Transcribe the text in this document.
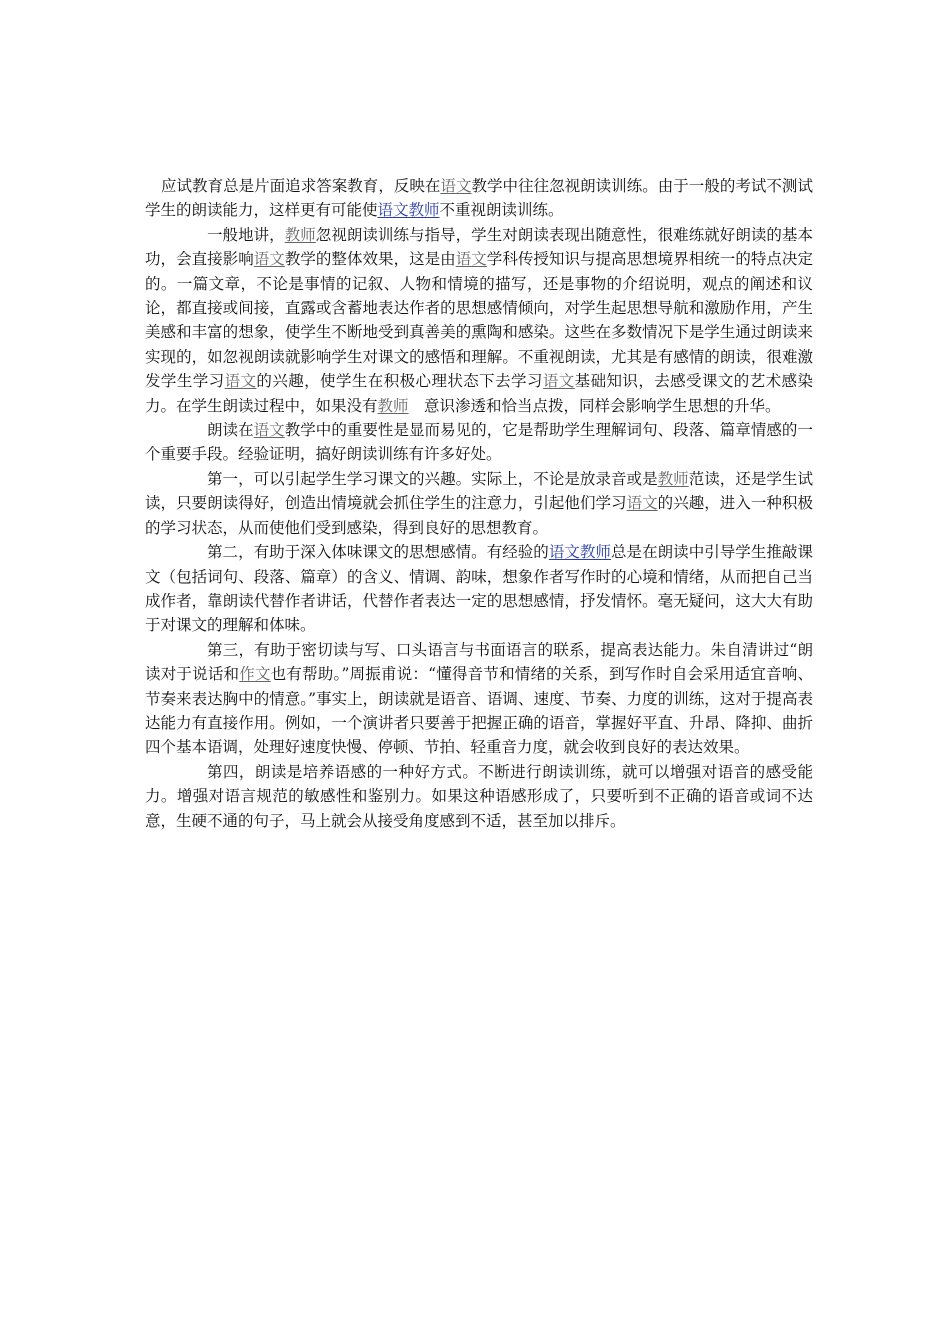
应试教育总是片面追求答案教育，反映在语文教学中往往忽视朗读训练。由于一般的考试不测试学生的朗读能力，这样更有可能使语文教师不重视朗读训练。

一般地讲，教师忽视朗读训练与指导，学生对朗读表现出随意性，很难练就好朗读的基本功，会直接影响语文教学的整体效果，这是由语文学科传授知识与提高思想境界相统一的特点决定的。一篇文章，不论是事情的记叙、人物和情境的描写，还是事物的介绍说明，观点的阐述和议论，都直接或间接，直露或含蓄地表达作者的思想感情倾向，对学生起思想导航和激励作用，产生美感和丰富的想象，使学生不断地受到真善美的熏陶和感染。这些在多数情况下是学生通过朗读来实现的，如忽视朗读就影响学生对课文的感悟和理解。不重视朗读，尤其是有感情的朗读，很难激发学生学习语文的兴趣，使学生在积极心理状态下去学习语文基础知识，去感受课文的艺术感染力。在学生朗读过程中，如果没有教师　意识渗透和恰当点拨，同样会影响学生思想的升华。

朗读在语文教学中的重要性是显而易见的，它是帮助学生理解词句、段落、篇章情感的一个重要手段。经验证明，搞好朗读训练有许多好处。

第一，可以引起学生学习课文的兴趣。实际上，不论是放录音或是教师范读，还是学生试读，只要朗读得好，创造出情境就会抓住学生的注意力，引起他们学习语文的兴趣，进入一种积极的学习状态，从而使他们受到感染，得到良好的思想教育。

第二，有助于深入体味课文的思想感情。有经验的语文教师总是在朗读中引导学生推敲课文（包括词句、段落、篇章）的含义、情调、韵味，想象作者写作时的心境和情绪，从而把自己当成作者，靠朗读代替作者讲话，代替作者表达一定的思想感情，抒发情怀。毫无疑问，这大大有助于对课文的理解和体味。

第三，有助于密切读与写、口头语言与书面语言的联系，提高表达能力。朱自清讲过“朗读对于说话和作文也有帮助。”周振甫说：“懂得音节和情绪的关系，到写作时自会采用适宜音响、节奏来表达胸中的情意。”事实上，朗读就是语音、语调、速度、节奏、力度的训练，这对于提高表达能力有直接作用。例如，一个演讲者只要善于把握正确的语音，掌握好平直、升昂、降抑、曲折四个基本语调，处理好速度快慢、停顿、节拍、轻重音力度，就会收到良好的表达效果。

第四，朗读是培养语感的一种好方式。不断进行朗读训练，就可以增强对语音的感受能力。增强对语言规范的敏感性和鉴别力。如果这种语感形成了，只要听到不正确的语音或词不达意，生硬不通的句子，马上就会从接受角度感到不适，甚至加以排斥。
